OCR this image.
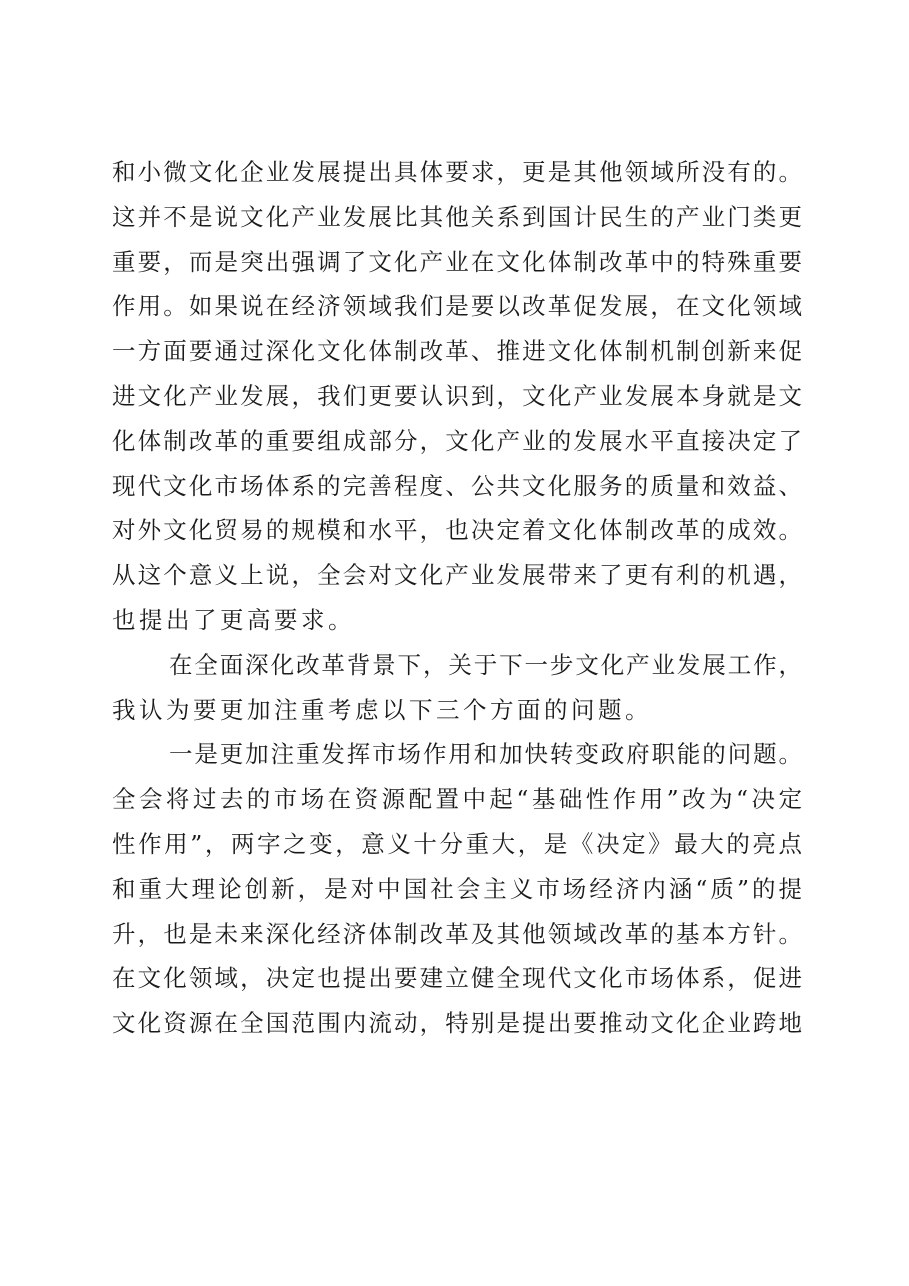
和小微文化企业发展提出具体要求，更是其他领域所没有的。
这并不是说文化产业发展比其他关系到国计民生的产业门类更
重要，而是突出强调了文化产业在文化体制改革中的特殊重要
作用。如果说在经济领域我们是要以改革促发展，在文化领域
一方面要通过深化文化体制改革、推进文化体制机制创新来促
进文化产业发展，我们更要认识到，文化产业发展本身就是文
化体制改革的重要组成部分，文化产业的发展水平直接决定了
现代文化市场体系的完善程度、公共文化服务的质量和效益、
对外文化贸易的规模和水平，也决定着文化体制改革的成效。
从这个意义上说，全会对文化产业发展带来了更有利的机遇，
也提出了更高要求。
在全面深化改革背景下，关于下一步文化产业发展工作，
我认为要更加注重考虑以下三个方面的问题。
一是更加注重发挥市场作用和加快转变政府职能的问题。
全会将过去的市场在资源配置中起“基础性作用”改为“决定
性作用”，两字之变，意义十分重大，是《决定》最大的亮点
和重大理论创新，是对中国社会主义市场经济内涵“质”的提
升，也是未来深化经济体制改革及其他领域改革的基本方针。
在文化领域，决定也提出要建立健全现代文化市场体系，促进
文化资源在全国范围内流动，特别是提出要推动文化企业跨地
